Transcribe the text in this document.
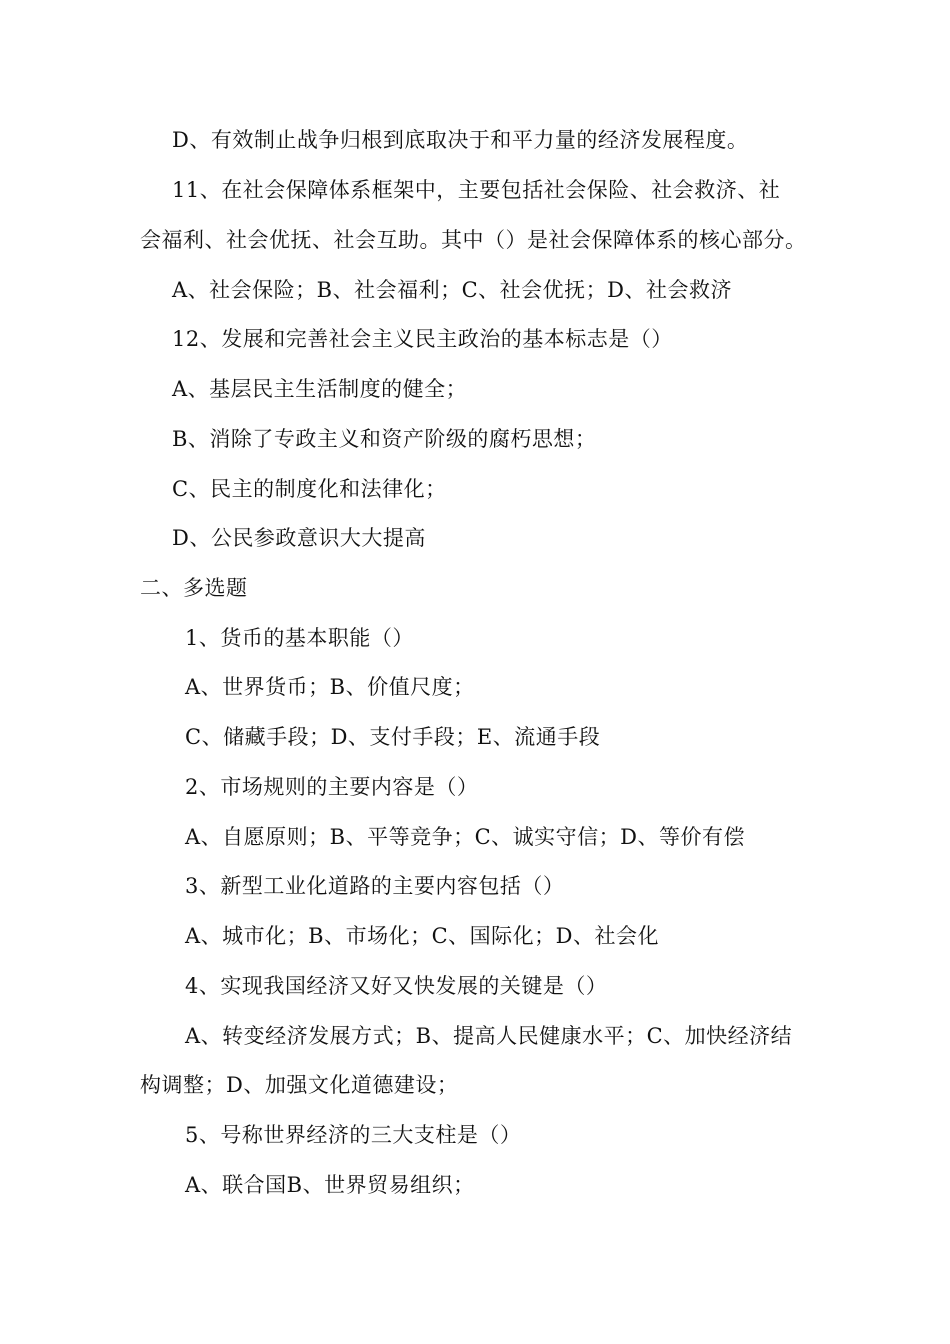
D、有效制止战争归根到底取决于和平力量的经济发展程度。
11、在社会保障体系框架中，主要包括社会保险、社会救济、社
会福利、社会优抚、社会互助。其中（）是社会保障体系的核心部分。
A、社会保险；B、社会福利；C、社会优抚；D、社会救济
12、发展和完善社会主义民主政治的基本标志是（）
A、基层民主生活制度的健全；
B、消除了专政主义和资产阶级的腐朽思想；
C、民主的制度化和法律化；
D、公民参政意识大大提高
二、多选题
1、货币的基本职能（）
A、世界货币；B、价值尺度；
C、储藏手段；D、支付手段；E、流通手段
2、市场规则的主要内容是（）
A、自愿原则；B、平等竞争；C、诚实守信；D、等价有偿
3、新型工业化道路的主要内容包括（）
A、城市化；B、市场化；C、国际化；D、社会化
4、实现我国经济又好又快发展的关键是（）
A、转变经济发展方式；B、提高人民健康水平；C、加快经济结
构调整；D、加强文化道德建设；
5、号称世界经济的三大支柱是（）
A、联合国B、世界贸易组织；
